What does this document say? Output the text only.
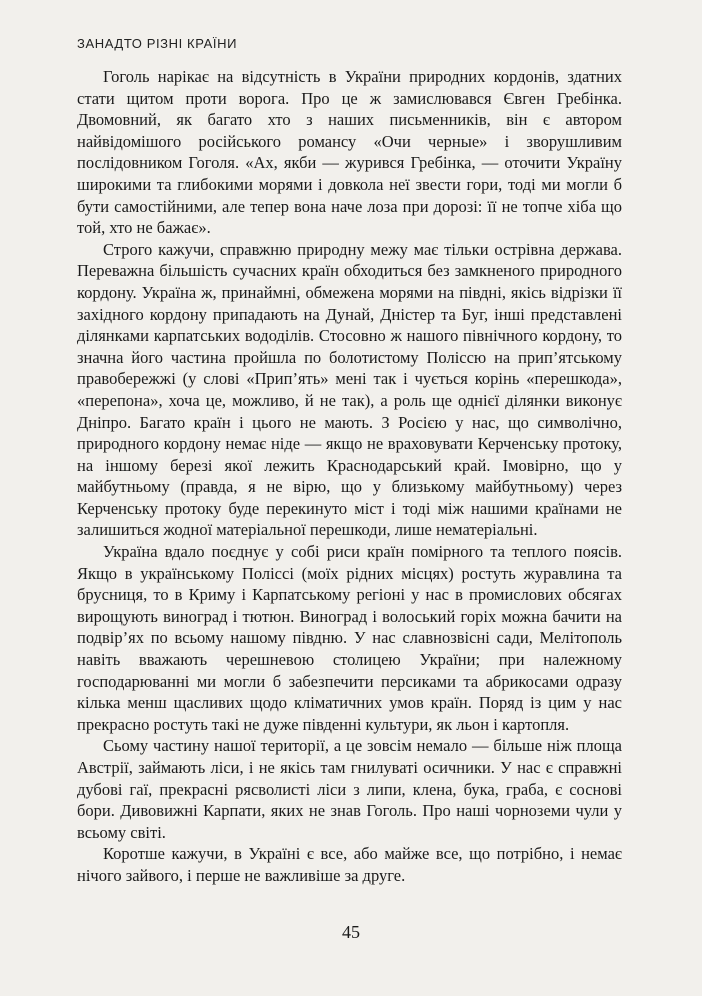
ЗАНАДТО РІЗНІ КРАЇНИ

Гоголь нарікає на відсутність в України природних кордонів, здатних стати щитом проти ворога. Про це ж замислювався Євген Гребінка. Двомовний, як багато хто з наших письменників, він є автором найвідомішого російського романсу «Очи черные» і зворушливим послідовником Гоголя. «Ах, якби — журився Гребінка, — оточити Україну широкими та глибокими морями і довкола неї звести гори, тоді ми могли б бути самостійними, але тепер вона наче лоза при дорозі: її не топче хіба що той, хто не бажає».

Строго кажучи, справжню природну межу має тільки острівна держава. Переважна більшість сучасних країн обходиться без замкненого природного кордону. Україна ж, принаймні, обмежена морями на півдні, якісь відрізки її західного кордону припадають на Дунай, Дністер та Буг, інші представлені ділянками карпатських вододілів. Стосовно ж нашого північного кордону, то значна його частина пройшла по болотистому Поліссю на прип’ятському правобережжі (у слові «Прип’ять» мені так і чується корінь «перешкода», «перепона», хоча це, можливо, й не так), а роль ще однієї ділянки виконує Дніпро. Багато країн і цього не мають. З Росією у нас, що символічно, природного кордону немає ніде — якщо не враховувати Керченську протоку, на іншому березі якої лежить Краснодарський край. Імовірно, що у майбутньому (правда, я не вірю, що у близькому майбутньому) через Керченську протоку буде перекинуто міст і тоді між нашими країнами не залишиться жодної матеріальної перешкоди, лише нематеріальні.

Україна вдало поєднує у собі риси країн помірного та теплого поясів. Якщо в українському Поліссі (моїх рідних місцях) ростуть журавлина та брусниця, то в Криму і Карпатському регіоні у нас в промислових обсягах вирощують виноград і тютюн. Виноград і волоський горіх можна бачити на подвір’ях по всьому нашому півдню. У нас славнозвісні сади, Мелітополь навіть вважають черешневою столицею України; при належному господарюванні ми могли б забезпечити персиками та абрикосами одразу кілька менш щасливих щодо кліматичних умов країн. Поряд із цим у нас прекрасно ростуть такі не дуже південні культури, як льон і картопля.

Сьому частину нашої території, а це зовсім немало — більше ніж площа Австрії, займають ліси, і не якісь там гнилуваті осичники. У нас є справжні дубові гаї, прекрасні рясволисті ліси з липи, клена, бука, граба, є соснові бори. Дивовижні Карпати, яких не знав Гоголь. Про наші чорноземи чули у всьому світі.

Коротше кажучи, в Україні є все, або майже все, що потрібно, і немає нічого зайвого, і перше не важливіше за друге.

45
